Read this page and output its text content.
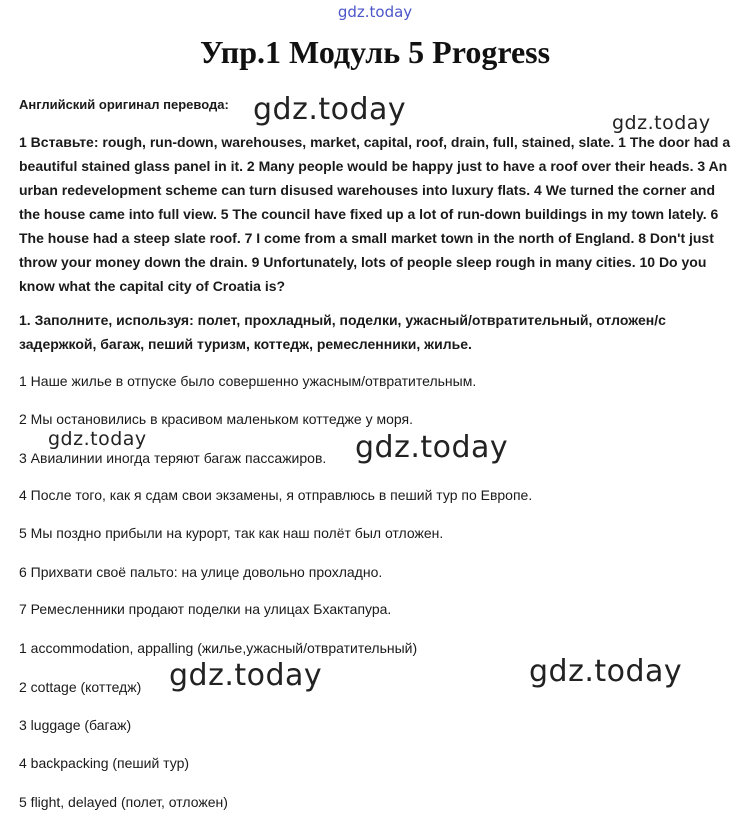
gdz.today
Упр.1 Модуль 5 Progress
Английский оригинал перевода:
1 Вставьте: rough, run-down, warehouses, market, capital, roof, drain, full, stained, slate. 1 The door had a beautiful stained glass panel in it. 2 Many people would be happy just to have a roof over their heads. 3 An urban redevelopment scheme can turn disused warehouses into luxury flats. 4 We turned the corner and the house came into full view. 5 The council have fixed up a lot of run-down buildings in my town lately. 6 The house had a steep slate roof. 7 I come from a small market town in the north of England. 8 Don't just throw your money down the drain. 9 Unfortunately, lots of people sleep rough in many cities. 10 Do you know what the capital city of Croatia is?
1. Заполните, используя: полет, прохладный, поделки, ужасный/отвратительный, отложен/с задержкой, багаж, пеший туризм, коттедж, ремесленники, жилье.
1 Наше жилье в отпуске было совершенно ужасным/отвратительным.
2 Мы остановились в красивом маленьком коттедже у моря.
3 Авиалинии иногда теряют багаж пассажиров.
4 После того, как я сдам свои экзамены, я отправлюсь в пеший тур по Европе.
5 Мы поздно прибыли на курорт, так как наш полёт был отложен.
6 Прихвати своё пальто: на улице довольно прохладно.
7 Ремесленники продают поделки на улицах Бхактапура.
1 accommodation, appalling (жилье,ужасный/отвратительный)
2 cottage (коттедж)
3 luggage (багаж)
4 backpacking (пеший тур)
5 flight, delayed (полет, отложен)
gdz.today	gdz.today
gdz.today	gdz.today
gdz.today	gdz.today
